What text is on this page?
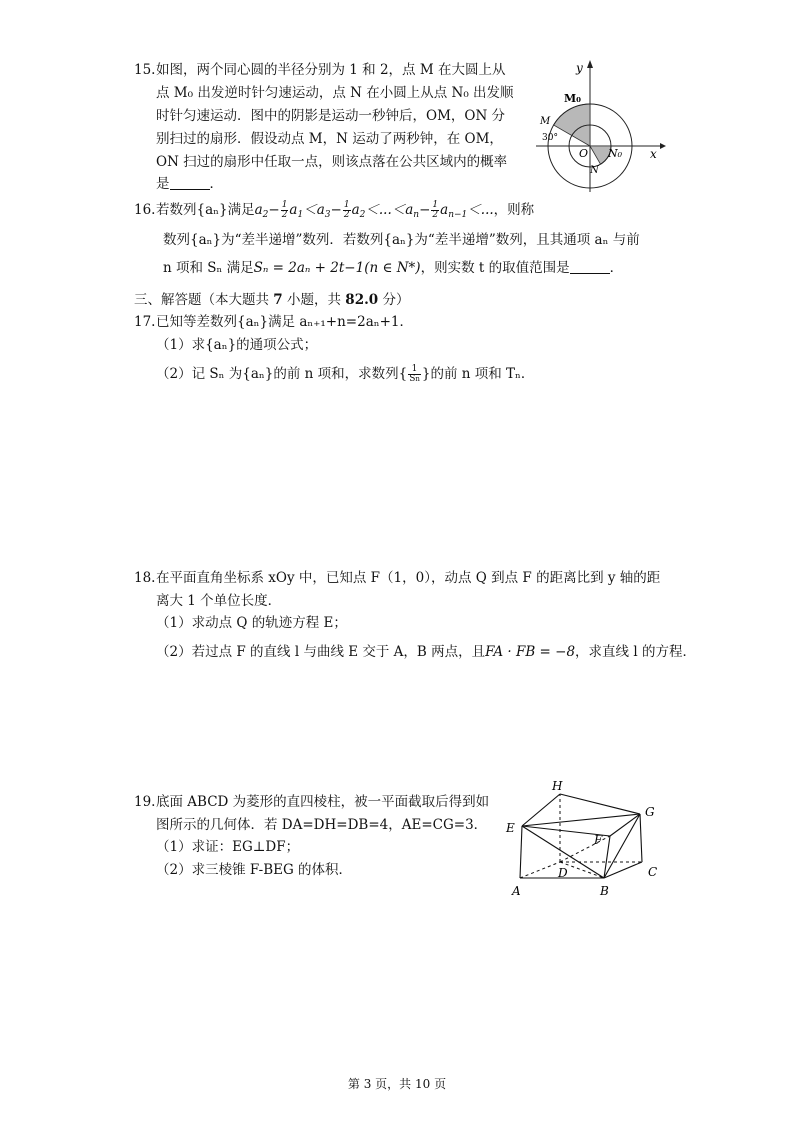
15.如图，两个同心圆的半径分别为 1 和 2，点 M 在大圆上从
点 M₀ 出发逆时针匀速运动，点 N 在小圆上从点 N₀ 出发顺
时针匀速运动．图中的阴影是运动一秒钟后，OM，ON 分
别扫过的扇形．假设动点 M，N 运动了两秒钟，在 OM，
ON 扫过的扇形中任取一点，则该点落在公共区域内的概率
是	．
y
x
M₀
M
30°
O N₀
N
16.若数列{aₙ}满足$a_2- \frac{1}{2} a_1<a_3- \frac{1}{2} a_2<...<a_n- \frac{1}{2} a_{n-1}<$...，则称
数列{aₙ}为“差半递增”数列．若数列{aₙ}为“差半递增”数列，且其通项 aₙ 与前
n 项和 Sₙ 满足Sₙ = 2aₙ + 2t−1(n ∈ N*)，则实数 t 的取值范围是	．
三、解答题（本大题共 7 小题，共 82.0 分）
17.已知等差数列{aₙ}满足 aₙ₊₁+n=2aₙ+1．
（1）求{aₙ}的通项公式；
（2）记 Sₙ 为{aₙ}的前 n 项和，求数列{ $\frac{1}{Sn}$ }的前 n 项和 Tₙ．
18.在平面直角坐标系 xOy 中，已知点 F（1，0），动点 Q 到点 F 的距离比到 y 轴的距
离大 1 个单位长度．
（1）求动点 Q 的轨迹方程 E；
（2）若过点 F 的直线 l 与曲线 E 交于 A，B 两点，且FA · FB = −8，求直线 l 的方程．
19.底面 ABCD 为菱形的直四棱柱，被一平面截取后得到如
图所示的几何体．若 DA=DH=DB=4，AE=CG=3．
（1）求证：EG⊥DF；
（2）求三棱锥 F-BEG 的体积．
H
G
E
F
D	C
A	B
第 3 页，共 10 页
